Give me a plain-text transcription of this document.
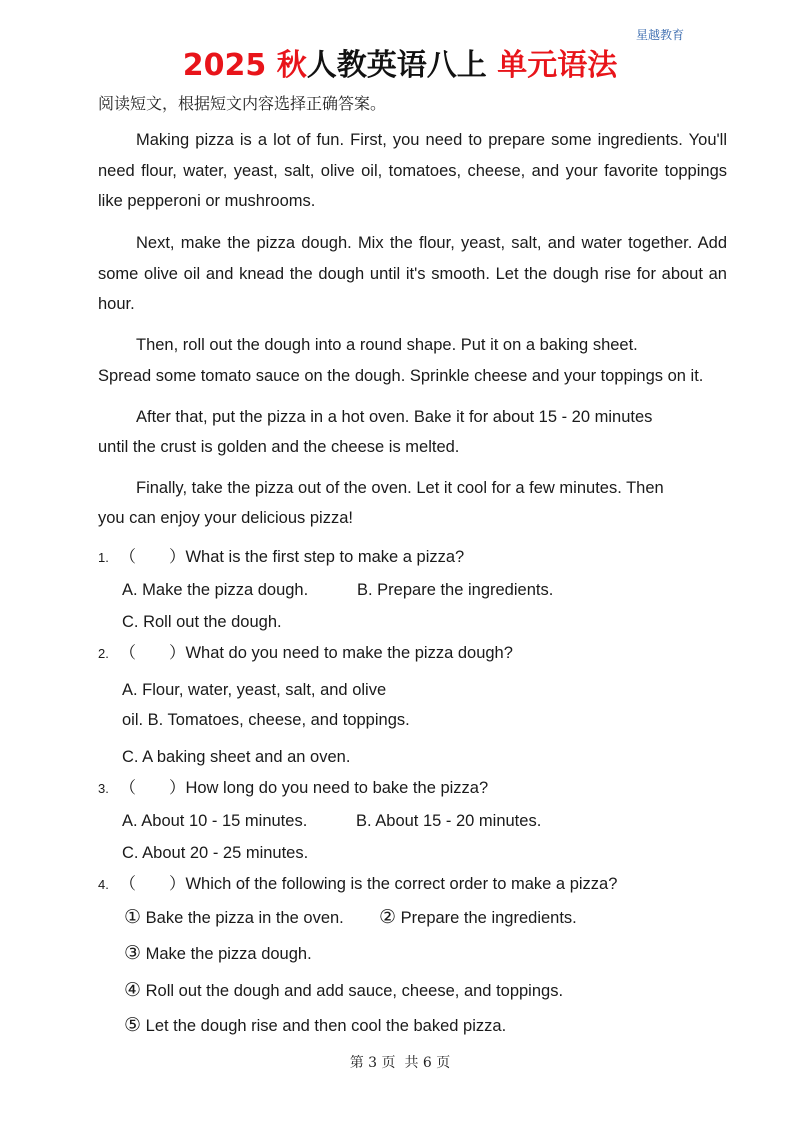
星越教育
2025 秋人教英语八上 单元语法
阅读短文，根据短文内容选择正确答案。

Making pizza is a lot of fun. First, you need to prepare some ingredients. You'll need flour, water, yeast, salt, olive oil, tomatoes, cheese, and your favorite toppings like pepperoni or mushrooms.

Next, make the pizza dough. Mix the flour, yeast, salt, and water together. Add some olive oil and knead the dough until it's smooth. Let the dough rise for about an hour.

Then, roll out the dough into a round shape. Put it on a baking sheet.
Spread some tomato sauce on the dough. Sprinkle cheese and your toppings on it.
After that, put the pizza in a hot oven. Bake it for about 15 - 20 minutes
until the crust is golden and the cheese is melted.
Finally, take the pizza out of the oven. Let it cool for a few minutes. Then
you can enjoy your delicious pizza!
1. （　　）What is the first step to make a pizza?
A. Make the pizza dough.	B. Prepare the ingredients.
C. Roll out the dough.
2. （　　）What do you need to make the pizza dough?
A. Flour, water, yeast, salt, and olive
oil. B. Tomatoes, cheese, and toppings.
C. A baking sheet and an oven.
3. （　　）How long do you need to bake the pizza?
A. About 10 - 15 minutes.	B. About 15 - 20 minutes.
C. About 20 - 25 minutes.
4. （　　）Which of the following is the correct order to make a pizza?
① Bake the pizza in the oven. ② Prepare the ingredients.
③ Make the pizza dough.
④ Roll out the dough and add sauce, cheese, and toppings.
⑤ Let the dough rise and then cool the baked pizza.
第 3 页 共 6 页
